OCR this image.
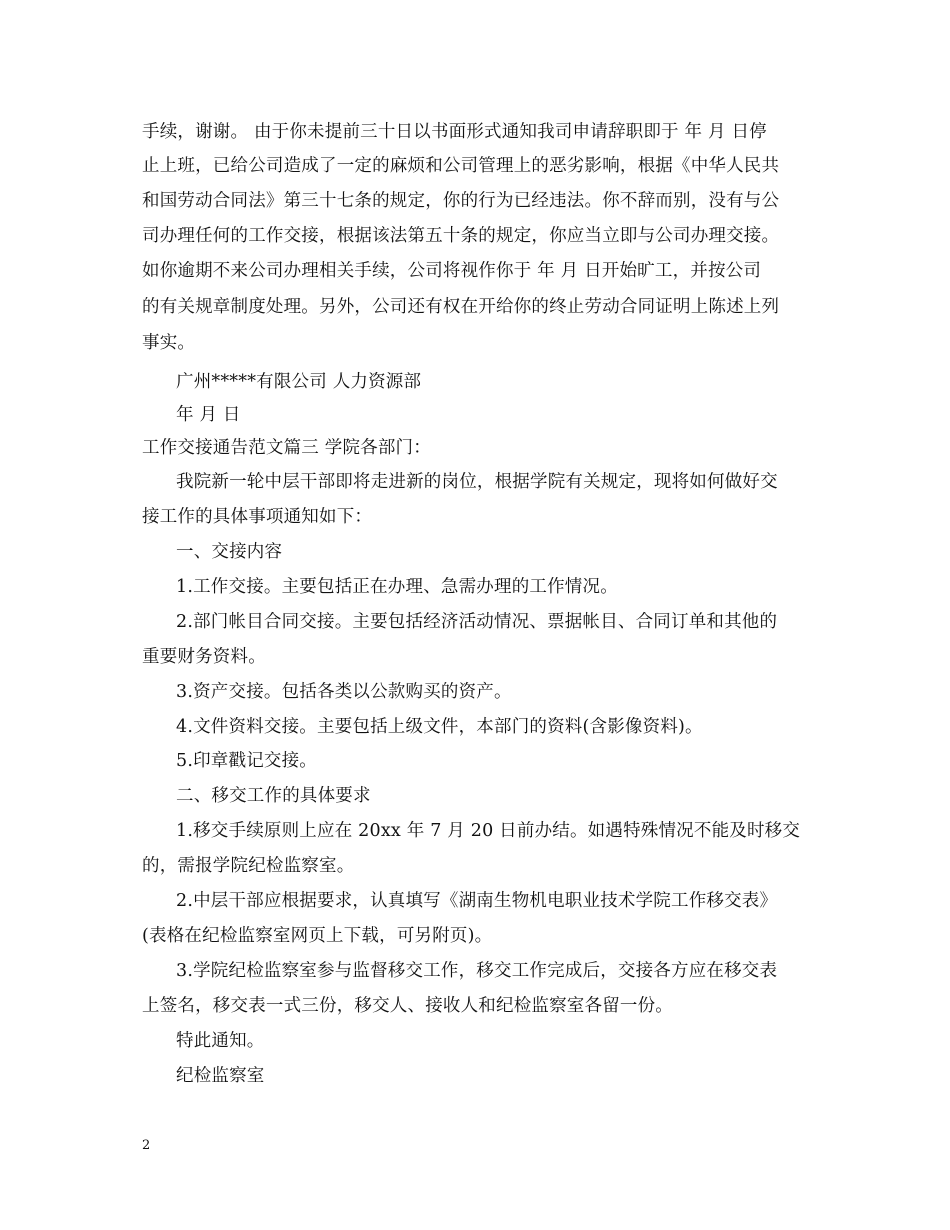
手续，谢谢。 由于你未提前三十日以书面形式通知我司申请辞职即于 年 月 日停
止上班，已给公司造成了一定的麻烦和公司管理上的恶劣影响，根据《中华人民共
和国劳动合同法》第三十七条的规定，你的行为已经违法。你不辞而别，没有与公
司办理任何的工作交接，根据该法第五十条的规定，你应当立即与公司办理交接。
如你逾期不来公司办理相关手续，公司将视作你于 年 月 日开始旷工，并按公司
的有关规章制度处理。另外，公司还有权在开给你的终止劳动合同证明上陈述上列
事实。
广州*****有限公司 人力资源部
年 月 日
工作交接通告范文篇三 学院各部门：
我院新一轮中层干部即将走进新的岗位，根据学院有关规定，现将如何做好交
接工作的具体事项通知如下：
一、交接内容
1.工作交接。主要包括正在办理、急需办理的工作情况。
2.部门帐目合同交接。主要包括经济活动情况、票据帐目、合同订单和其他的
重要财务资料。
3.资产交接。包括各类以公款购买的资产。
4.文件资料交接。主要包括上级文件，本部门的资料(含影像资料)。
5.印章戳记交接。
二、移交工作的具体要求
1.移交手续原则上应在 20xx 年 7 月 20 日前办结。如遇特殊情况不能及时移交
的，需报学院纪检监察室。
2.中层干部应根据要求，认真填写《湖南生物机电职业技术学院工作移交表》
(表格在纪检监察室网页上下载，可另附页)。
3.学院纪检监察室参与监督移交工作，移交工作完成后，交接各方应在移交表
上签名，移交表一式三份，移交人、接收人和纪检监察室各留一份。
特此通知。
纪检监察室
2
